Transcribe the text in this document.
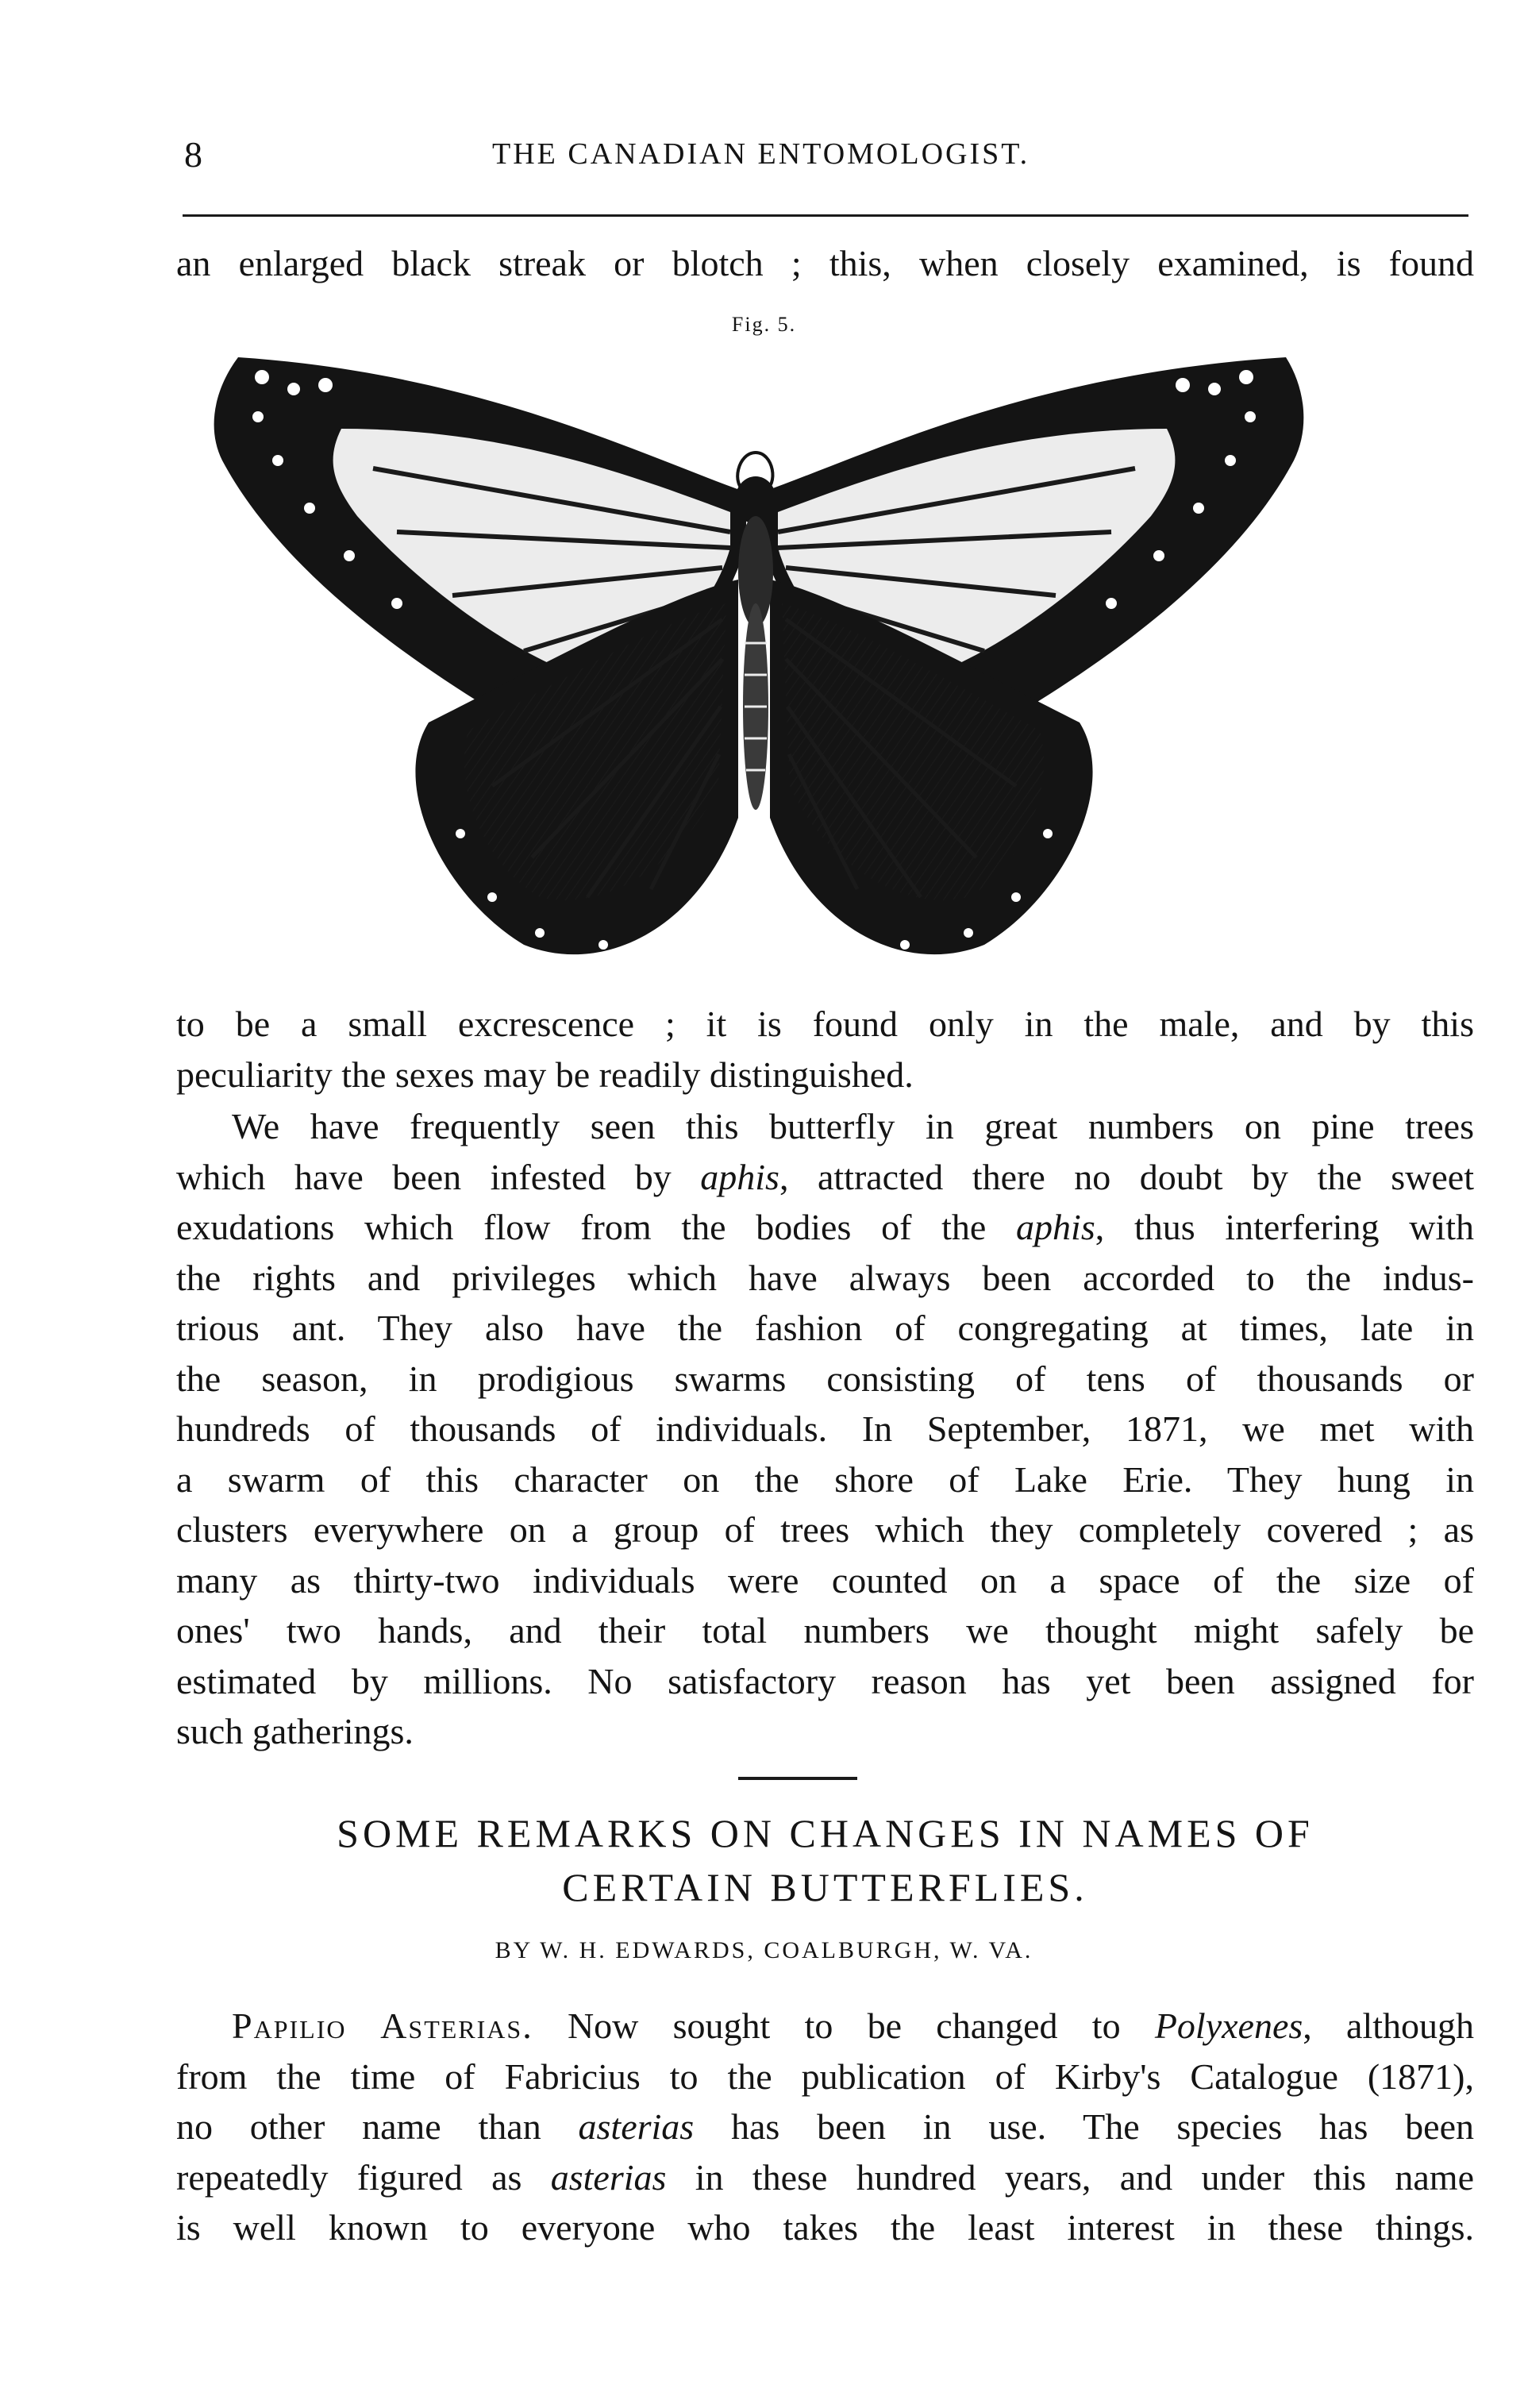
8	THE CANADIAN ENTOMOLOGIST.

an enlarged black streak or blotch ; this, when closely examined, is found

Fig. 5.

to be a small excrescence ; it is found only in the male, and by this

peculiarity the sexes may be readily distinguished.

We have frequently seen this butterfly in great numbers on pine trees

which have been infested by aphis, attracted there no doubt by the sweet

exudations which flow from the bodies of the aphis, thus interfering with

the rights and privileges which have always been accorded to the indus-

trious ant. They also have the fashion of congregating at times, late in

the season, in prodigious swarms consisting of tens of thousands or

hundreds of thousands of individuals. In September, 1871, we met with

a swarm of this character on the shore of Lake Erie. They hung in

clusters everywhere on a group of trees which they completely covered ; as

many as thirty-two individuals were counted on a space of the size of

ones' two hands, and their total numbers we thought might safely be

estimated by millions. No satisfactory reason has yet been assigned for

such gatherings.

SOME REMARKS ON CHANGES IN NAMES OF
CERTAIN BUTTERFLIES.
BY W. H. EDWARDS, COALBURGH, W. VA.

Papilio Asterias. Now sought to be changed to Polyxenes, although

from the time of Fabricius to the publication of Kirby's Catalogue (1871),

no other name than asterias has been in use. The species has been

repeatedly figured as asterias in these hundred years, and under this name

is well known to everyone who takes the least interest in these things.
